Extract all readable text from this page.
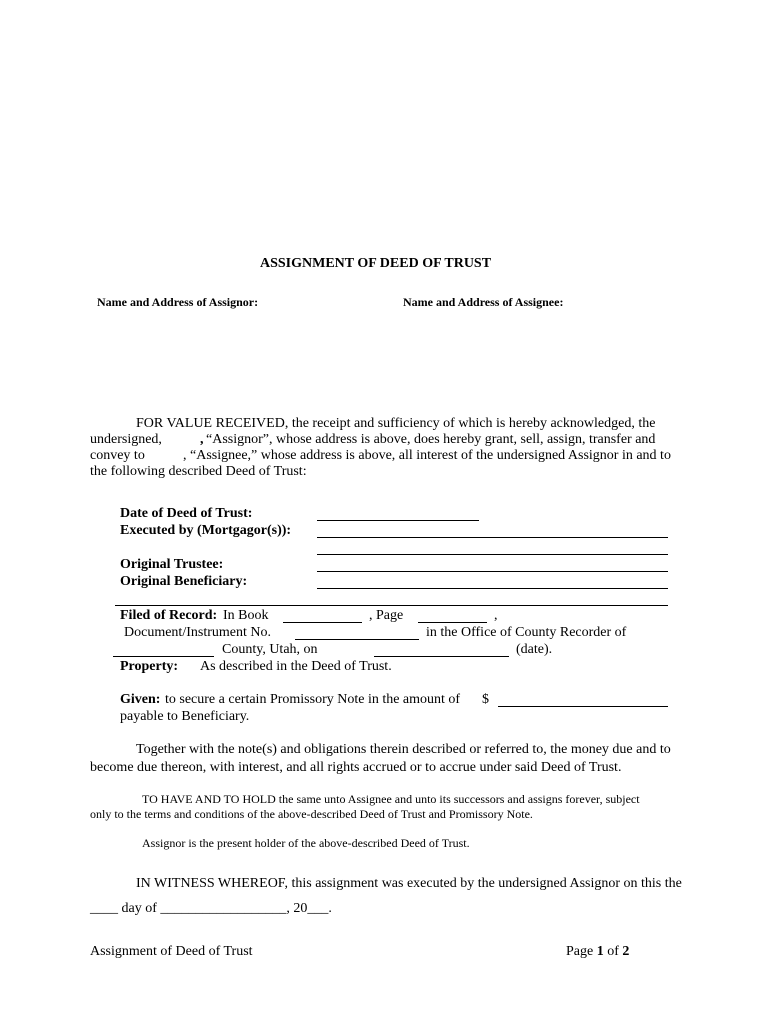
ASSIGNMENT OF DEED OF TRUST
Name and Address of Assignor:	Name and Address of Assignee:
FOR VALUE RECEIVED, the receipt and sufficiency of which is hereby acknowledged, the
undersigned,	, “Assignor”, whose address is above, does hereby grant, sell, assign, transfer and
convey to	, “Assignee,” whose address is above, all interest of the undersigned Assignor in and to
the following described Deed of Trust:
Date of Deed of Trust:
Executed by (Mortgagor(s)):
Original Trustee:
Original Beneficiary:
Filed of Record: In Book	, Page	,
Document/Instrument No.	in the Office of County Recorder of
County, Utah, on	(date).
Property: As described in the Deed of Trust.
Given: to secure a certain Promissory Note in the amount of $
payable to Beneficiary.
Together with the note(s) and obligations therein described or referred to, the money due and to
become due thereon, with interest, and all rights accrued or to accrue under said Deed of Trust.
TO HAVE AND TO HOLD the same unto Assignee and unto its successors and assigns forever, subject
only to the terms and conditions of the above-described Deed of Trust and Promissory Note.
Assignor is the present holder of the above-described Deed of Trust.
IN WITNESS WHEREOF, this assignment was executed by the undersigned Assignor on this the
____ day of __________________, 20___.
Assignment of Deed of Trust	Page 1 of 2
